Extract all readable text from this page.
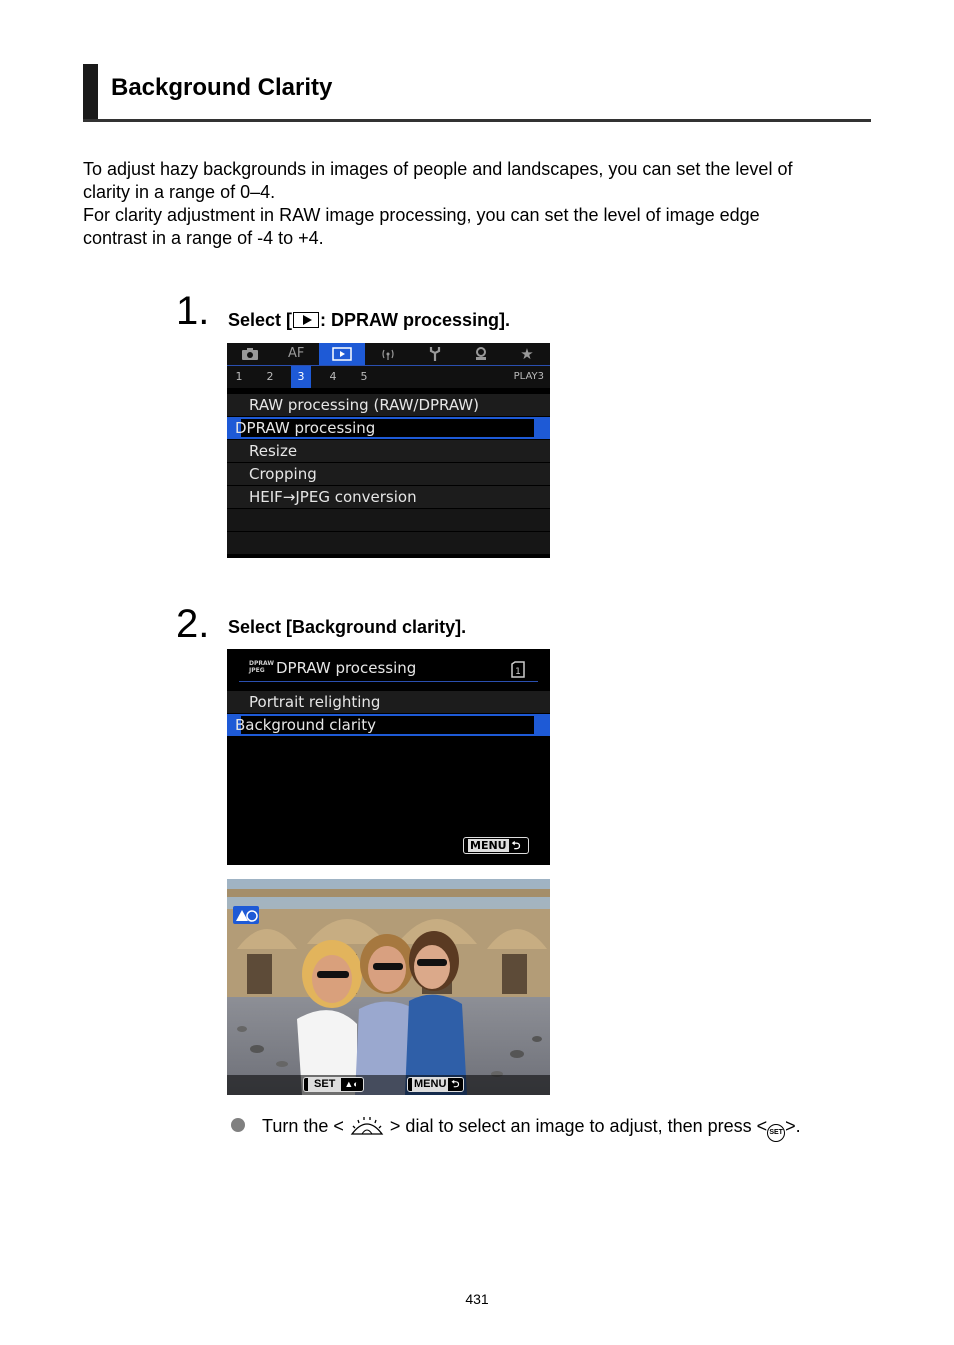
Background Clarity
To adjust hazy backgrounds in images of people and landscapes, you can set the level of
clarity in a range of 0–4.
For clarity adjustment in RAW image processing, you can set the level of image edge
contrast in a range of -4 to +4.
1. Select [ : DPRAW processing].
AF	★
1	2	3	4	5	PLAY3
RAW processing (RAW/DPRAW)
DPRAW processing
Resize
Cropping
HEIF→JPEG conversion
2. Select [Background clarity].
DPRAW JPEG DPRAW processing	1
Portrait relighting
Background clarity
MENU ⮌
SET	▲◐	MENU ⮌
Turn the <	> dial to select an image to adjust, then press < SET >.
431
